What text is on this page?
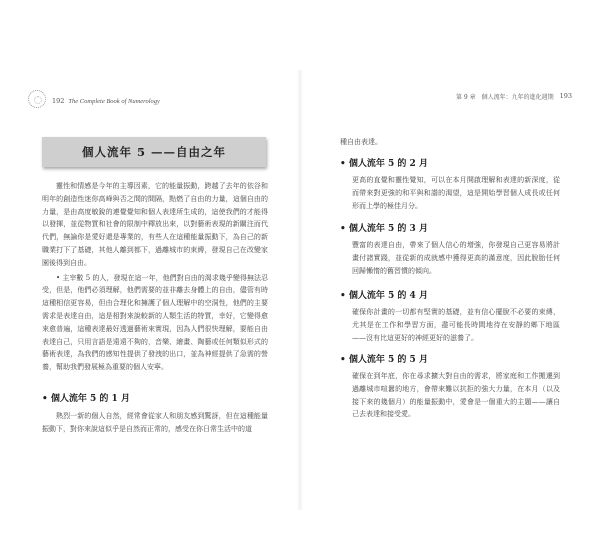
192 The Complete Book of Numerology
個人流年 5 ——自由之年

靈性和情感是今年的主導因素，它的能量振動，跨越了去年的依谷和明年的創造性迷你高峰與否之間的間隔，點燃了自由的力量，這個自由的力量，是由高度敏銳的連覺覺知和個人表達所生成的，這使我們的才能得以發揮，並從物質和社會的限制中釋放出來，以對藝術表現的新關注而代代們，無論你是愛好還是專業的，有些人在這種能量振動下，為自己的新職業打下了基礎，其他人離到都下，過離城市的束縛，發現自己在改變家園後得到自由。

• 主宰數 5 的人，發現在這一年，他們對自由的渴求幾乎變得無法忍受，但是，他們必須理解，他們需要的並非離去身體上的自由，儘管有時這種相信更容易，但由合理化和擁護了個人理解中的空洞性，他們的主要需求是表達自由，這是相對來說較新的人類生活的特質，幸好，它變得愈來愈普遍，這種表達最好透過藝術來實現，因為人們很快理解，要能自由表達自己，只用言語是遠遠不夠的，音樂、繪畫、陶藝或任何類似形式的藝術表達，為我們的感知性提供了發洩的出口，並為神經提供了急需的營養，幫助我們發展極為重要的個人安寧。

• 個人流年 5 的 1 月

熱烈一新的個人自然，經常會從家人和朋友感到驚訝，但在這種能量振動下，對你來說這似乎是自然而正常的，感受在你日常生活中的道

第 9 章　個人流年：九年的進化週期 193

種自由表達。

• 個人流年 5 的 2 月
更高的直覺和靈性覺知，可以在本月開啟理解和表達的新深度，從而帶來對更強的和平與和諧的渴望，這是開始學習個人成長或任何形而上學的極佳月分。
• 個人流年 5 的 3 月
豐富的表達自由，帶來了個人信心的增強，你發現自己更容易將計畫付諸實踐，並從新的成就感中獲得更高的滿意度，因此脫胎任何回歸懶惰的舊習慣的傾向。
• 個人流年 5 的 4 月
確保你計畫的一切都有堅實的基礎，並有信心擺脫不必要的束縛，尤其是在工作和學習方面，盡可能長時間地待在安靜的鄉下地區——沒有比這更好的神經更好的滋養了。
• 個人流年 5 的 5 月
確保在到年底，你在尋求擴大對自由的需求，將家庭和工作搬遷到過離城市喧囂的地方，會帶來難以抗拒的強大力量，在本月（以及接下來的幾個月）的能量振動中，愛會是一個重大的主題——讓自己去表達和接受愛。
